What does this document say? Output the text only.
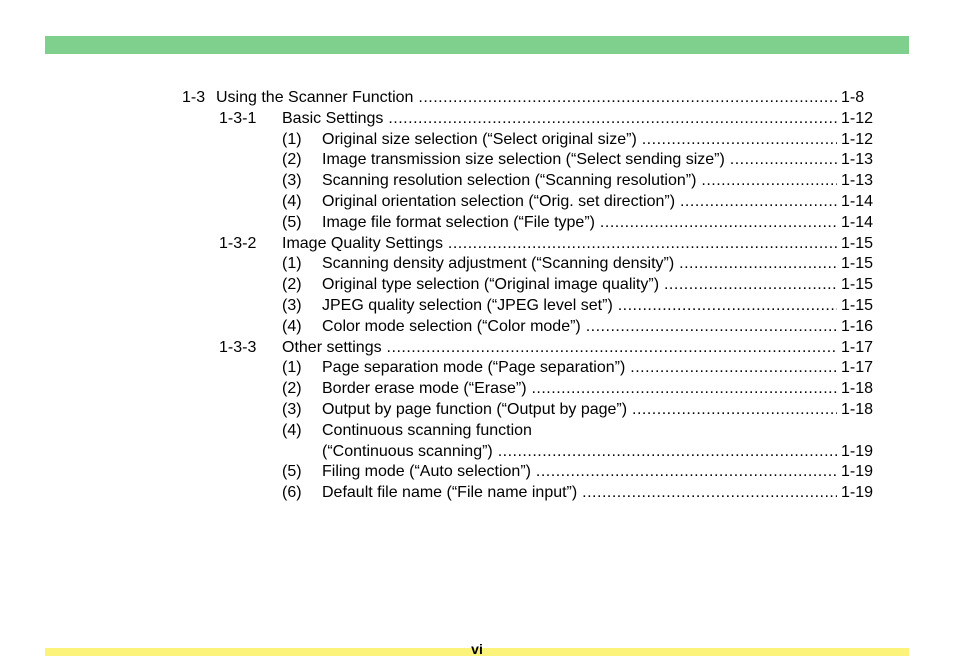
1-3 Using the Scanner Function .....	1-8
1-3-1 Basic Settings .....	1-12
(1) Original size selection (“Select original size”) .....	1-12
(2) Image transmission size selection (“Select sending size”) .....	1-13
(3) Scanning resolution selection (“Scanning resolution”) .....	1-13
(4) Original orientation selection (“Orig. set direction”) .....	1-14
(5) Image file format selection (“File type”) .....	1-14
1-3-2 Image Quality Settings .....	1-15
(1) Scanning density adjustment (“Scanning density”) .....	1-15
(2) Original type selection (“Original image quality”) .....	1-15
(3) JPEG quality selection (“JPEG level set”) .....	1-15
(4) Color mode selection (“Color mode”) .....	1-16
1-3-3 Other settings .....	1-17
(1) Page separation mode (“Page separation”) .....	1-17
(2) Border erase mode (“Erase”) .....	1-18
(3) Output by page function (“Output by page”) .....	1-18
(4) Continuous scanning function
(“Continuous scanning”) .....	1-19
(5) Filing mode (“Auto selection”) .....	1-19
(6) Default file name (“File name input”) .....	1-19
vi
